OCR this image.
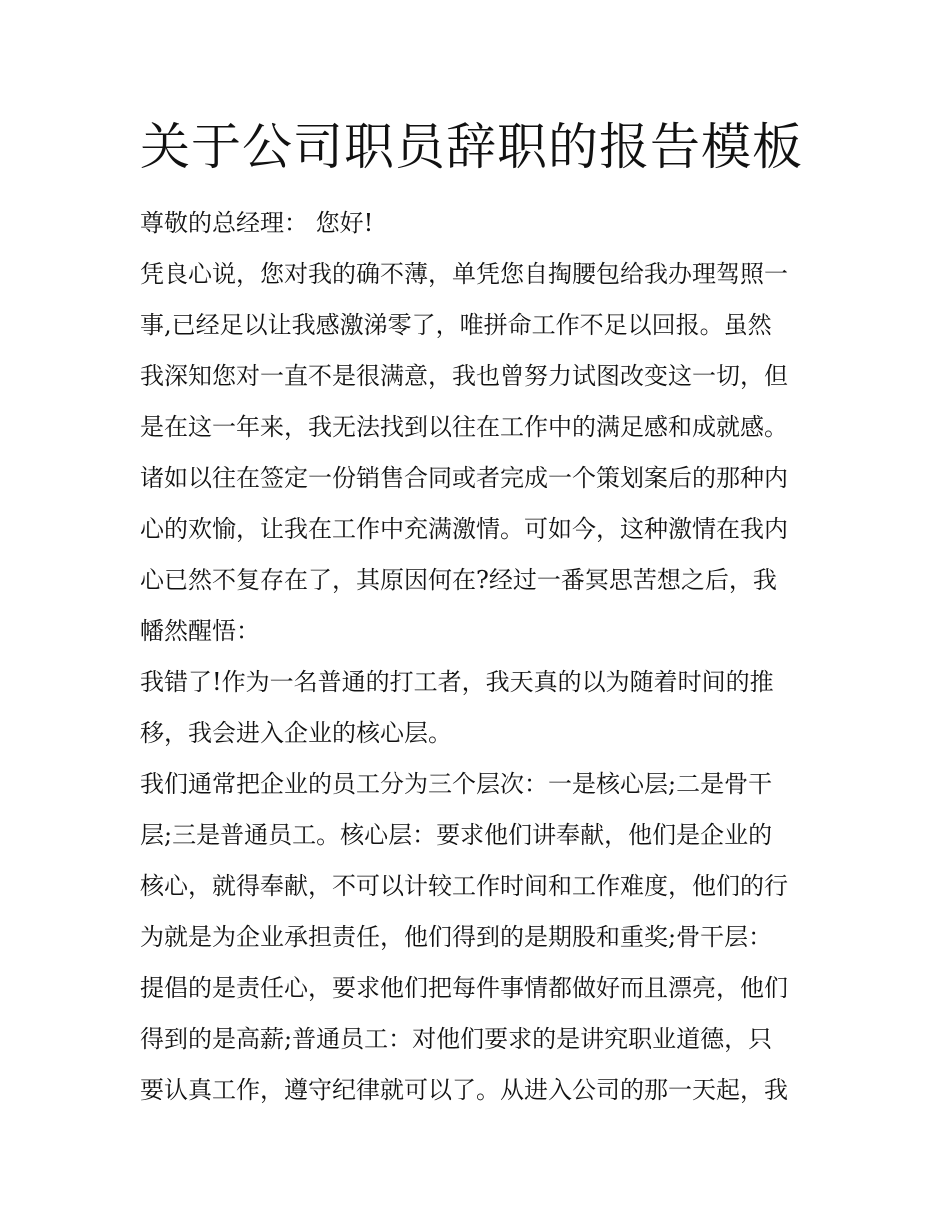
关于公司职员辞职的报告模板
尊敬的总经理： 您好!
凭良心说，您对我的确不薄，单凭您自掏腰包给我办理驾照一
事,已经足以让我感激涕零了，唯拼命工作不足以回报。虽然
我深知您对一直不是很满意，我也曾努力试图改变这一切，但
是在这一年来，我无法找到以往在工作中的满足感和成就感。
诸如以往在签定一份销售合同或者完成一个策划案后的那种内
心的欢愉，让我在工作中充满激情。可如今，这种激情在我内
心已然不复存在了，其原因何在?经过一番冥思苦想之后，我
幡然醒悟：
我错了!作为一名普通的打工者，我天真的以为随着时间的推
移，我会进入企业的核心层。
我们通常把企业的员工分为三个层次：一是核心层;二是骨干
层;三是普通员工。核心层：要求他们讲奉献，他们是企业的
核心，就得奉献，不可以计较工作时间和工作难度，他们的行
为就是为企业承担责任，他们得到的是期股和重奖;骨干层：
提倡的是责任心，要求他们把每件事情都做好而且漂亮，他们
得到的是高薪;普通员工：对他们要求的是讲究职业道德，只
要认真工作，遵守纪律就可以了。从进入公司的那一天起，我
